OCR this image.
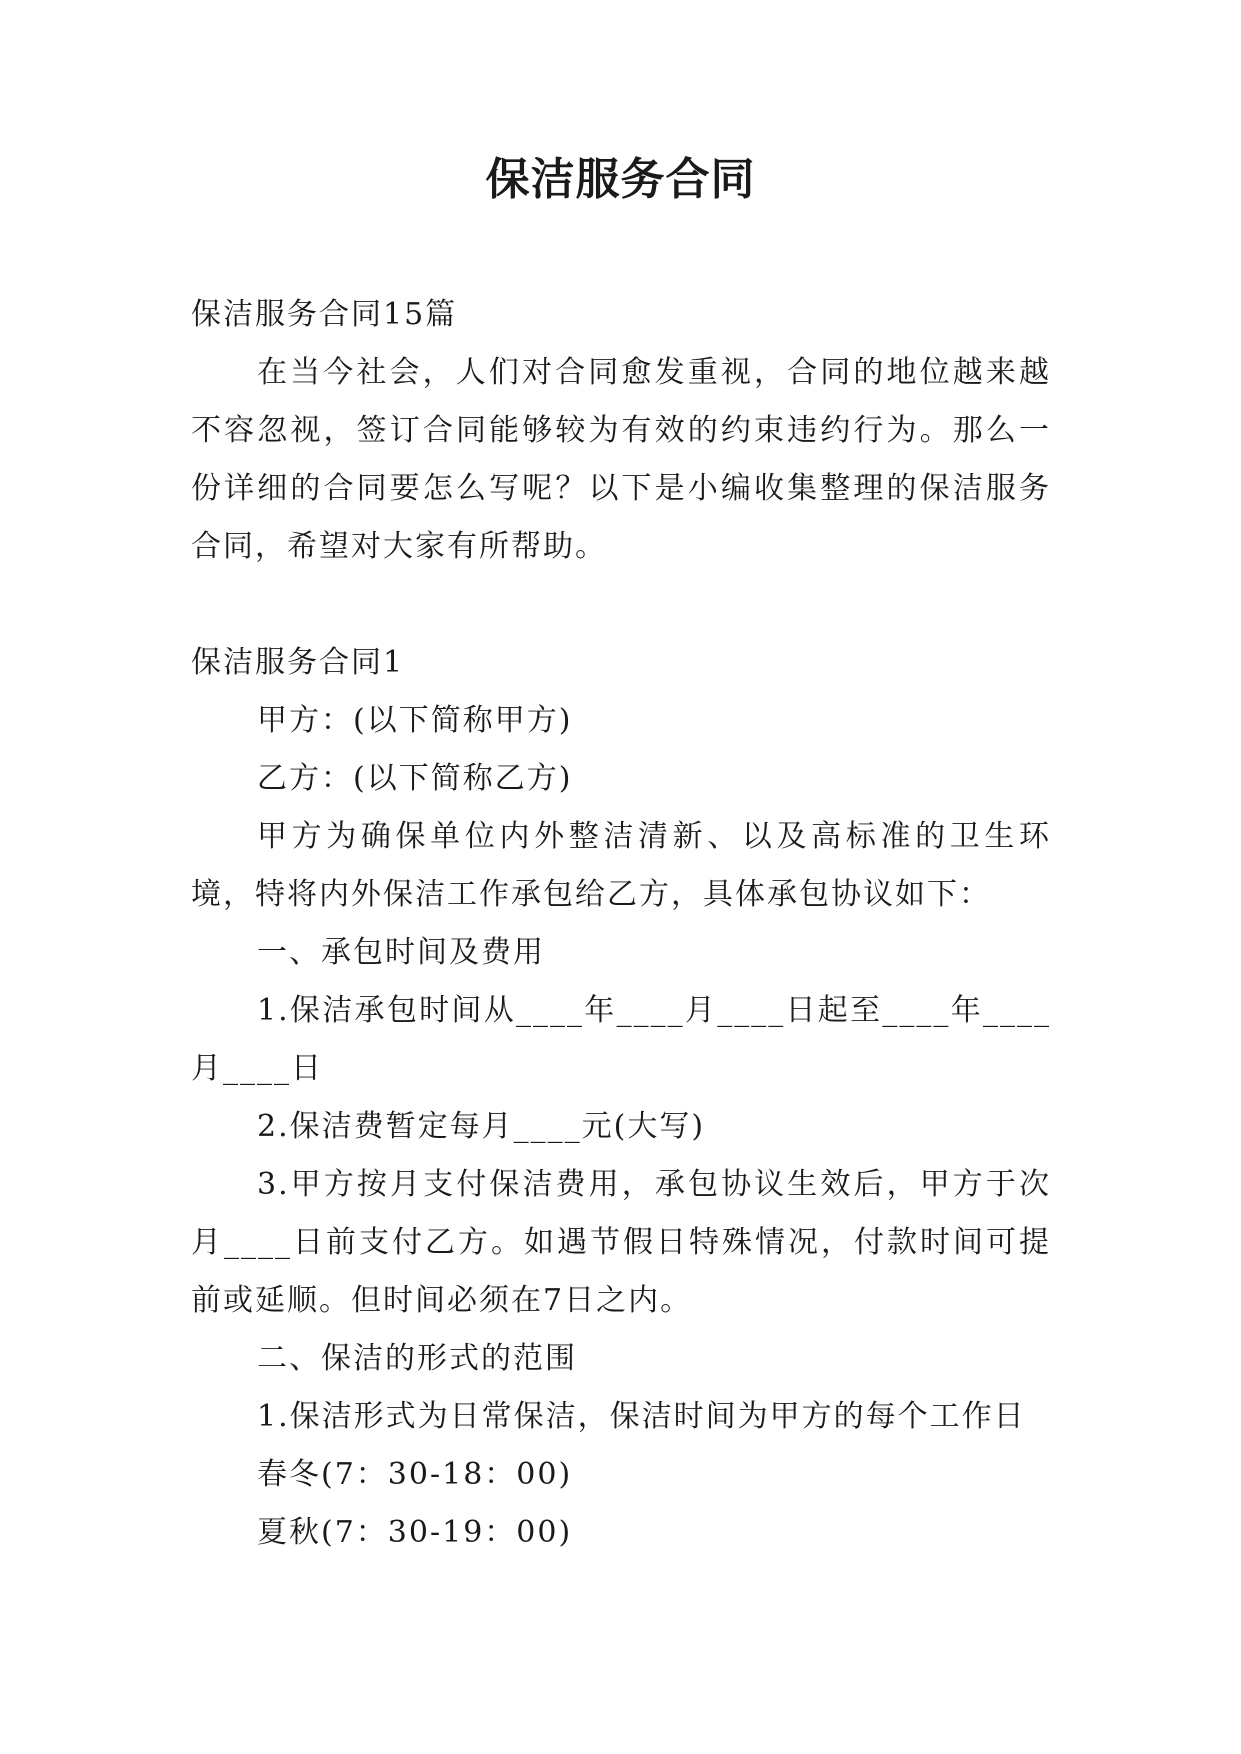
保洁服务合同

保洁服务合同15篇

在当今社会，人们对合同愈发重视，合同的地位越来越不容忽视，签订合同能够较为有效的约束违约行为。那么一份详细的合同要怎么写呢？以下是小编收集整理的保洁服务合同，希望对大家有所帮助。

保洁服务合同1

甲方：(以下简称甲方)

乙方：(以下简称乙方)

甲方为确保单位内外整洁清新、以及高标准的卫生环境，特将内外保洁工作承包给乙方，具体承包协议如下：

一、承包时间及费用

1.保洁承包时间从____年____月____日起至____年____月____日

2.保洁费暂定每月____元(大写)

3.甲方按月支付保洁费用，承包协议生效后，甲方于次月____日前支付乙方。如遇节假日特殊情况，付款时间可提前或延顺。但时间必须在7日之内。

二、保洁的形式的范围

1.保洁形式为日常保洁，保洁时间为甲方的每个工作日

春冬(7：30-18：00)

夏秋(7：30-19：00)
